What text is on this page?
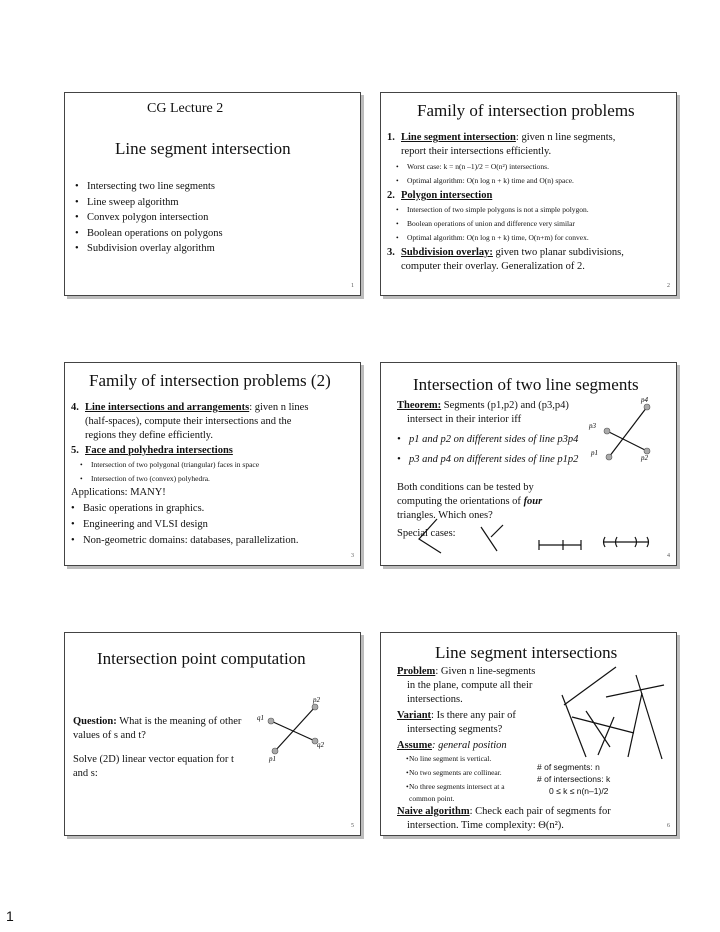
CG Lecture 2
Line segment intersection
• Intersecting two line segments
• Line sweep algorithm
• Convex polygon intersection
• Boolean operations on polygons
• Subdivision overlay algorithm
1
Family of intersection problems
1. Line segment intersection: given n line segments,
report their intersections efficiently.
• Worst case: k = n(n –1)/2 = O(n²) intersections.
• Optimal algorithm: O(n log n + k) time and O(n) space.
2. Polygon intersection
• Intersection of two simple polygons is not a simple polygon.
• Boolean operations of union and difference very similar
• Optimal algorithm: O(n log n + k) time, O(n+m) for convex.
3. Subdivision overlay: given two planar subdivisions,
computer their overlay. Generalization of 2.
2
Family of intersection problems (2)
4. Line intersections and arrangements: given n lines
(half-spaces), compute their intersections and the
regions they define efficiently.
5. Face and polyhedra intersections
• Intersection of two polygonal (triangular) faces in space
• Intersection of two (convex) polyhedra.
Applications: MANY!
• Basic operations in graphics.
• Engineering and VLSI design
• Non-geometric domains: databases, parallelization.
3
Intersection of two line segments
Theorem: Segments (p1,p2) and (p3,p4)
intersect in their interior iff
• p1 and p2 on different sides of line p3p4
• p3 and p4 on different sides of line p1p2
Both conditions can be tested by
computing the orientations of four
triangles. Which ones?
Special cases:
p4
p3
p2
p1
4
Intersection point computation
Question: What is the meaning of other
values of s and t?
Solve (2D) linear vector equation for t
and s:
p2
q1
q2
p1
5
Line segment intersections
Problem: Given n line-segments
in the plane, compute all their
intersections.
Variant: Is there any pair of
intersecting segments?
Assume: general position
• No line segment is vertical.
• No two segments are collinear.
• No three segments intersect at a
common point.
Naive algorithm: Check each pair of segments for
intersection. Time complexity: Θ(n²).
# of segments: n
# of intersections: k
0 ≤ k ≤ n(n–1)/2
6
1
